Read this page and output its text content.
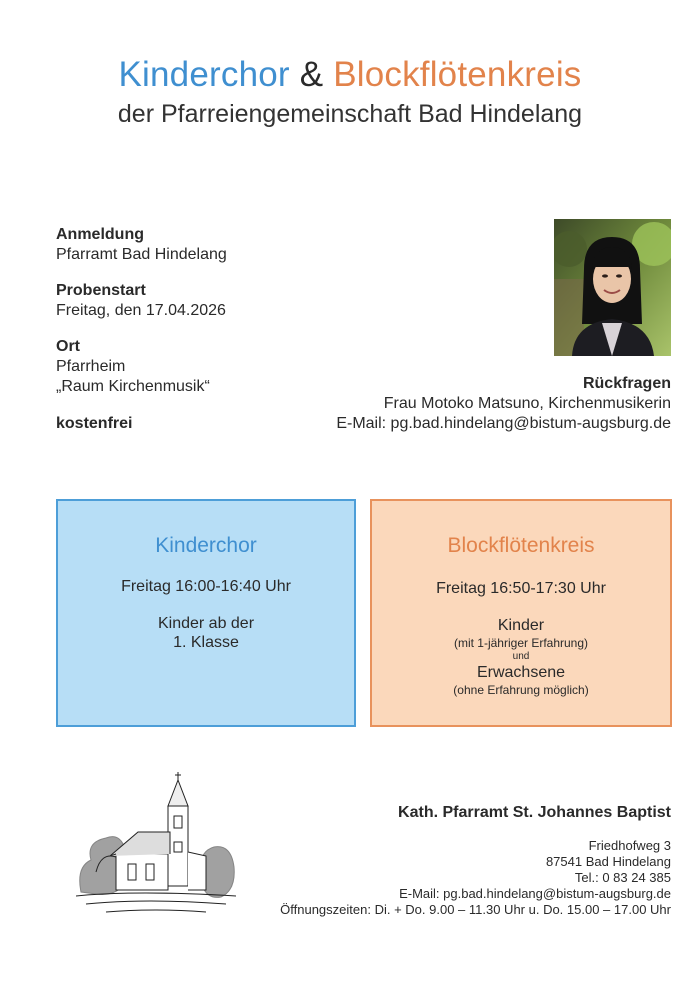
Kinderchor & Blockflötenkreis
der Pfarreiengemeinschaft Bad Hindelang
Anmeldung
Pfarramt Bad Hindelang
Probenstart
Freitag, den 17.04.2026
Ort
Pfarrheim
„Raum Kirchenmusik“
kostenfrei
Rückfragen
Frau Motoko Matsuno, Kirchenmusikerin
E-Mail: pg.bad.hindelang@bistum-augsburg.de
Kinderchor
Freitag 16:00-16:40 Uhr
Kinder ab der
1. Klasse
Blockflötenkreis
Freitag 16:50-17:30 Uhr
Kinder
(mit 1-jähriger Erfahrung)
und
Erwachsene
(ohne Erfahrung möglich)
Kath. Pfarramt St. Johannes Baptist
Friedhofweg 3
87541 Bad Hindelang
Tel.: 0 83 24 385
E-Mail: pg.bad.hindelang@bistum-augsburg.de
Öffnungszeiten: Di. + Do. 9.00 – 11.30 Uhr u. Do. 15.00 – 17.00 Uhr
